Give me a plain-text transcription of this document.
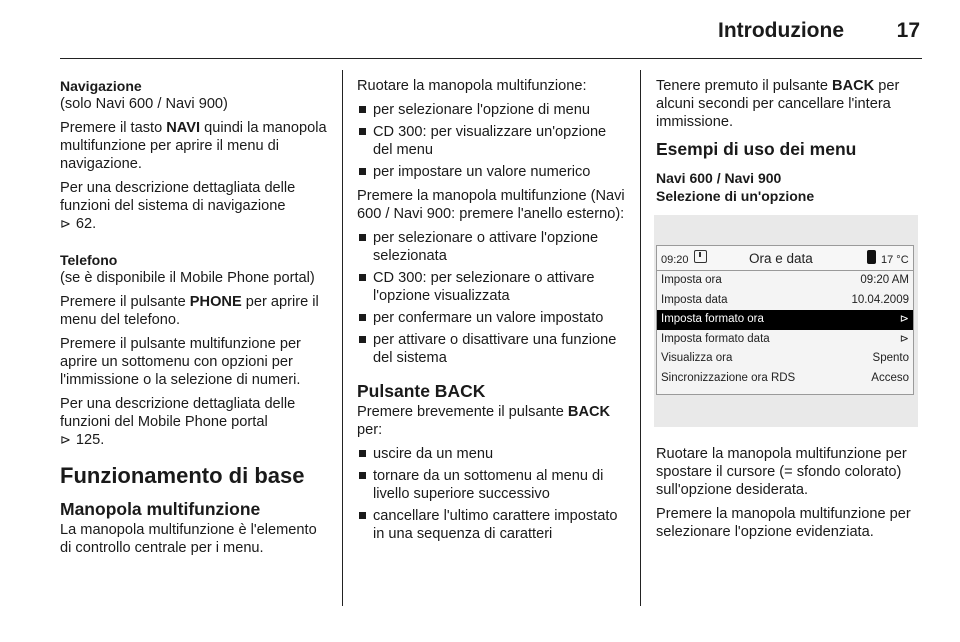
Introduzione	17
Navigazione

(solo Navi 600 / Navi 900)

Premere il tasto NAVI quindi la manopola multifunzione per aprire il menu di navigazione.

Per una descrizione dettagliata delle funzioni del sistema di navigazione
⊳ 62.

Telefono

(se è disponibile il Mobile Phone portal)

Premere il pulsante PHONE per aprire il menu del telefono.

Premere il pulsante multifunzione per aprire un sottomenu con opzioni per l'immissione o la selezione di numeri.

Per una descrizione dettagliata delle funzioni del Mobile Phone portal
⊳ 125.

Funzionamento di base
Manopola multifunzione

La manopola multifunzione è l'elemento di controllo centrale per i menu.

Ruotare la manopola multifunzione:

per selezionare l'opzione di menu
CD 300: per visualizzare un'opzione del menu
per impostare un valore numerico

Premere la manopola multifunzione (Navi 600 / Navi 900: premere l'anello esterno):

per selezionare o attivare l'opzione selezionata
CD 300: per selezionare o attivare l'opzione visualizzata
per confermare un valore impostato
per attivare o disattivare una funzione del sistema
Pulsante BACK

Premere brevemente il pulsante BACK per:

uscire da un menu
tornare da un sottomenu al menu di livello superiore successivo
cancellare l'ultimo carattere impostato in una sequenza di caratteri

Tenere premuto il pulsante BACK per alcuni secondi per cancellare l'intera immissione.

Esempi di uso dei menu
Navi 600 / Navi 900
Selezione di un'opzione
09:20	Ora e data	17 °C
Imposta ora	09:20 AM
Imposta data	10.04.2009
Imposta formato ora	⊳
Imposta formato data	⊳
Visualizza ora	Spento
Sincronizzazione ora RDS	Acceso

Ruotare la manopola multifunzione per spostare il cursore (= sfondo colorato) sull'opzione desiderata.

Premere la manopola multifunzione per selezionare l'opzione evidenziata.
